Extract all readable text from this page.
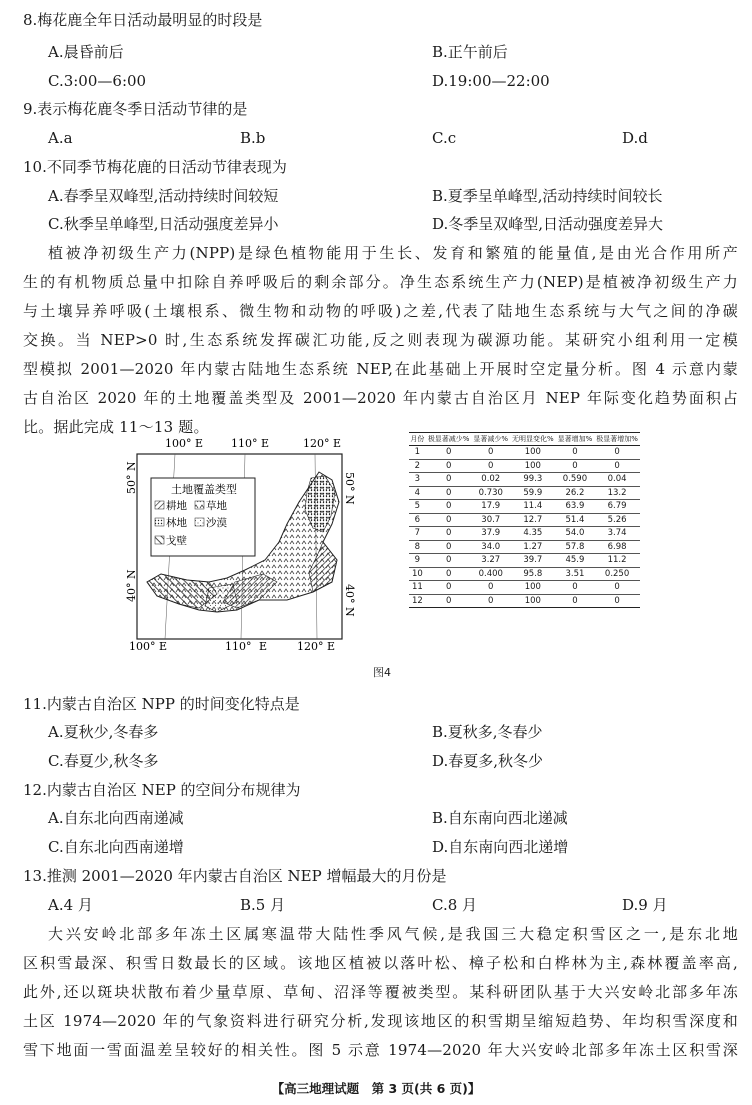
8.梅花鹿全年日活动最明显的时段是
A.晨昏前后	B.正午前后
C.3:00—6:00	D.19:00—22:00
9.表示梅花鹿冬季日活动节律的是
A.a	B.b	C.c	D.d
10.不同季节梅花鹿的日活动节律表现为
A.春季呈双峰型,活动持续时间较短	B.夏季呈单峰型,活动持续时间较长
C.秋季呈单峰型,日活动强度差异小	D.冬季呈双峰型,日活动强度差异大
植被净初级生产力(NPP)是绿色植物能用于生长、发育和繁殖的能量值,是由光合作用所产
生的有机物质总量中扣除自养呼吸后的剩余部分。净生态系统生产力(NEP)是植被净初级生产力
与土壤异养呼吸(土壤根系、微生物和动物的呼吸)之差,代表了陆地生态系统与大气之间的净碳
交换。当 NEP>0 时,生态系统发挥碳汇功能,反之则表现为碳源功能。某研究小组利用一定模
型模拟 2001—2020 年内蒙古陆地生态系统 NEP,在此基础上开展时空定量分析。图 4 示意内蒙
古自治区 2020 年的土地覆盖类型及 2001—2020 年内蒙古自治区月 NEP 年际变化趋势面积占
比。据此完成 11～13 题。
土地覆盖类型
耕地 草地
林地 沙漠
戈壁
100° E	110° E	120° E
100° E	110° E	120° E
50° N
40° N
50° N
40° N
月份	极显著减少%	显著减少%	无明显变化%	显著增加%	极显著增加%
1	0	0	100	0	0
2	0	0	100	0	0
3	0	0.02	99.3	0.590	0.04
4	0	0.730	59.9	26.2	13.2
5	0	17.9	11.4	63.9	6.79
6	0	30.7	12.7	51.4	5.26
7	0	37.9	4.35	54.0	3.74
8	0	34.0	1.27	57.8	6.98
9	0	3.27	39.7	45.9	11.2
10	0	0.400	95.8	3.51	0.250
11	0	0	100	0	0
12	0	0	100	0	0
图4
11.内蒙古自治区 NPP 的时间变化特点是
A.夏秋少,冬春多	B.夏秋多,冬春少
C.春夏少,秋冬多	D.春夏多,秋冬少
12.内蒙古自治区 NEP 的空间分布规律为
A.自东北向西南递减	B.自东南向西北递减
C.自东北向西南递增	D.自东南向西北递增
13.推测 2001—2020 年内蒙古自治区 NEP 增幅最大的月份是
A.4 月	B.5 月	C.8 月	D.9 月
大兴安岭北部多年冻土区属寒温带大陆性季风气候,是我国三大稳定积雪区之一,是东北地
区积雪最深、积雪日数最长的区域。该地区植被以落叶松、樟子松和白桦林为主,森林覆盖率高,
此外,还以斑块状散布着少量草原、草甸、沼泽等覆被类型。某科研团队基于大兴安岭北部多年冻
土区 1974—2020 年的气象资料进行研究分析,发现该地区的积雪期呈缩短趋势、年均积雪深度和
雪下地面一雪面温差呈较好的相关性。图 5 示意 1974—2020 年大兴安岭北部多年冻土区积雪深
【高三地理试题　第 3 页(共 6 页)】
